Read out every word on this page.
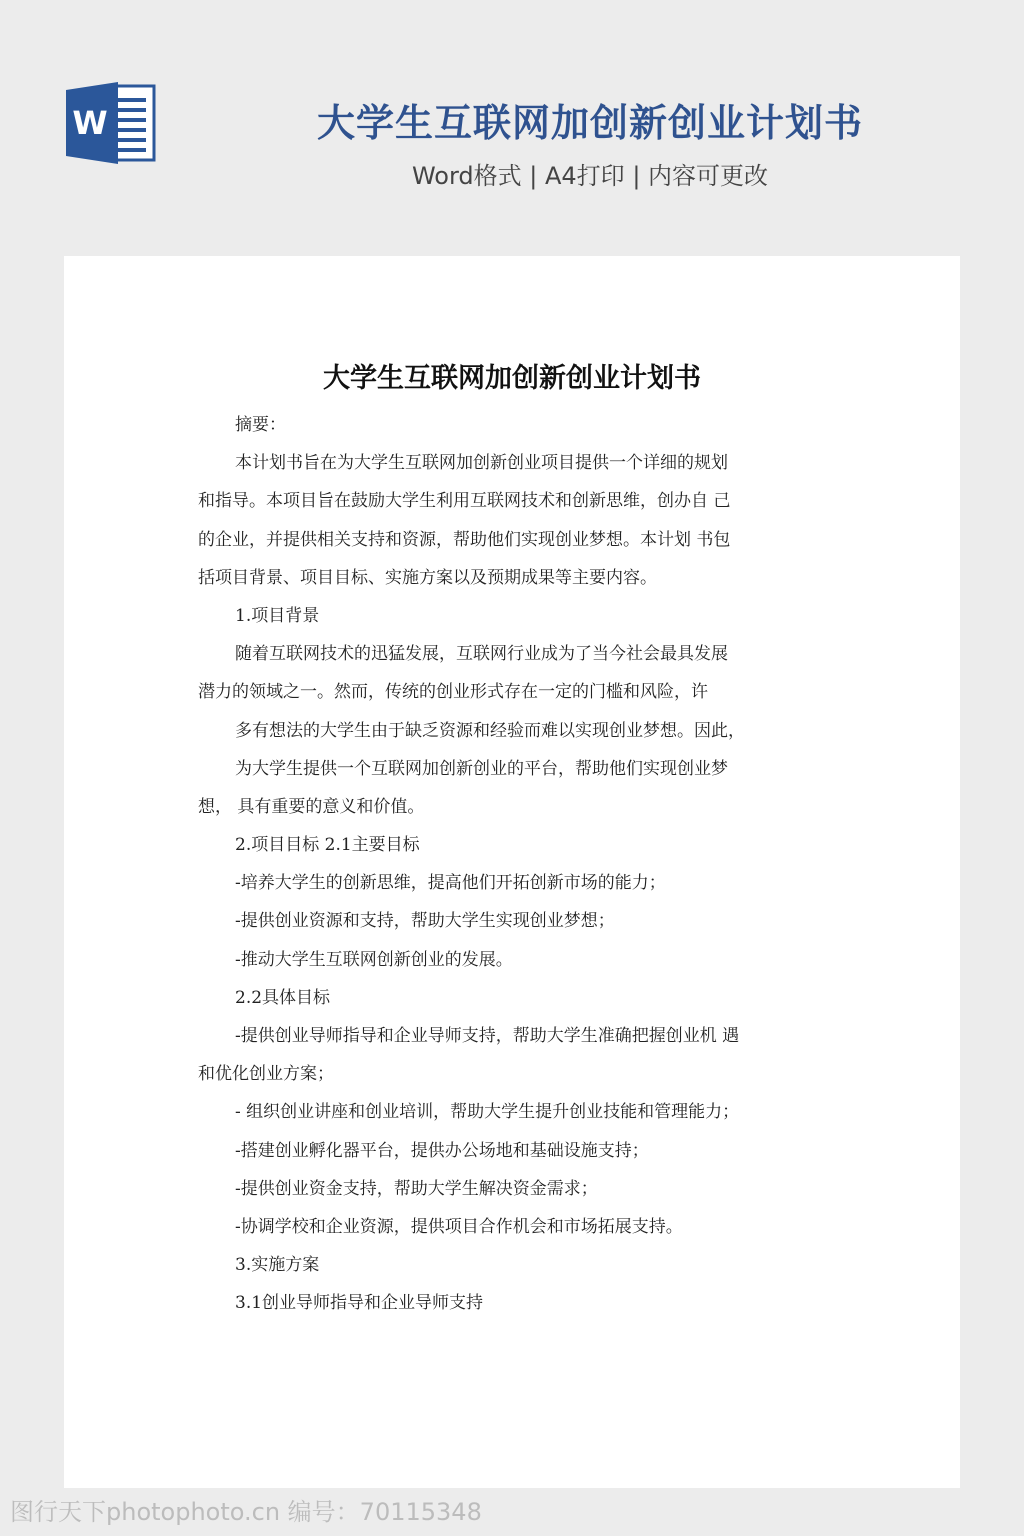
W	大学生互联网加创新创业计划书
Word格式 | A4打印 | 内容可更改
大学生互联网加创新创业计划书
摘要：
本计划书旨在为大学生互联网加创新创业项目提供一个详细的规划
和指导。本项目旨在鼓励大学生利用互联网技术和创新思维，创办自 己
的企业，并提供相关支持和资源，帮助他们实现创业梦想。本计划 书包
括项目背景、项目目标、实施方案以及预期成果等主要内容。
1.项目背景
随着互联网技术的迅猛发展，互联网行业成为了当今社会最具发展
潜力的领域之一。然而，传统的创业形式存在一定的门槛和风险，许
多有想法的大学生由于缺乏资源和经验而难以实现创业梦想。因此，
为大学生提供一个互联网加创新创业的平台，帮助他们实现创业梦
想， 具有重要的意义和价值。
2.项目目标 2.1主要目标
-培养大学生的创新思维，提高他们开拓创新市场的能力；
-提供创业资源和支持，帮助大学生实现创业梦想；
-推动大学生互联网创新创业的发展。
2.2具体目标
-提供创业导师指导和企业导师支持，帮助大学生准确把握创业机 遇
和优化创业方案；
- 组织创业讲座和创业培训，帮助大学生提升创业技能和管理能力；
-搭建创业孵化器平台，提供办公场地和基础设施支持；
-提供创业资金支持，帮助大学生解决资金需求；
-协调学校和企业资源，提供项目合作机会和市场拓展支持。
3.实施方案
3.1创业导师指导和企业导师支持
图行天下photophoto.cn 编号：70115348
